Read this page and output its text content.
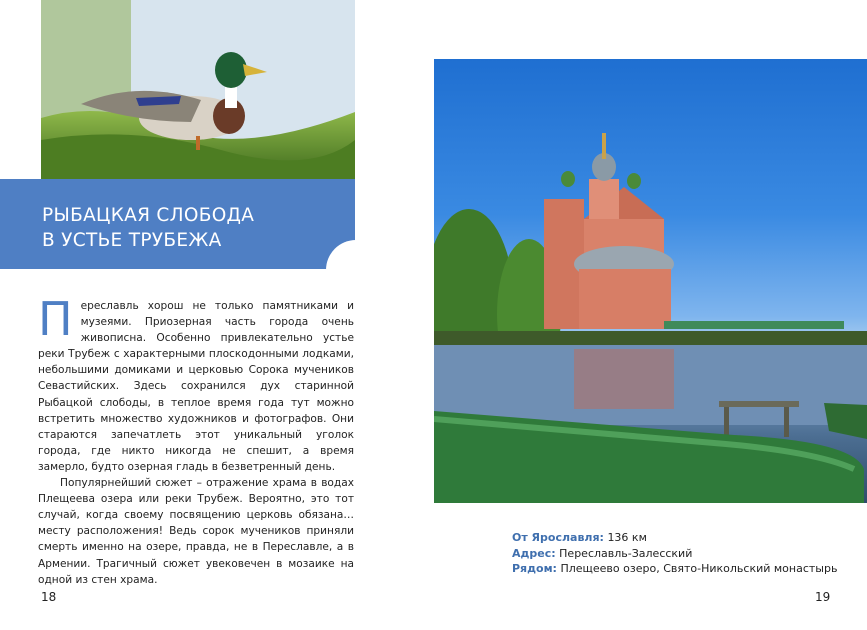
РЫБАЦКАЯ СЛОБОДА
В УСТЬЕ ТРУБЕЖА

Переславль хорош не только памятниками и музеями. Приозерная часть города очень живописна. Особенно привлекательно устье реки Трубеж с характерными плоскодонными лодками, небольшими домиками и церковью Сорока мучеников Севастийских. Здесь сохранился дух старинной Рыбацкой слободы, в теплое время года тут можно встретить множество художников и фотографов. Они стараются запечатлеть этот уникальный уголок города, где никто никогда не спешит, а время замерло, будто озерная гладь в безветренный день.

Популярнейший сюжет – отражение храма в водах Плещеева озера или реки Трубеж. Вероятно, это тот случай, когда своему посвящению церковь обязана… месту расположения! Ведь сорок мучеников приняли смерть именно на озере, правда, не в Переславле, а в Армении. Трагичный сюжет увековечен в мозаике на одной из стен храма.

18
От Ярославля: 136 км
Адрес: Переславль-Залесский
Рядом: Плещеево озеро, Свято-Никольский монастырь
19
